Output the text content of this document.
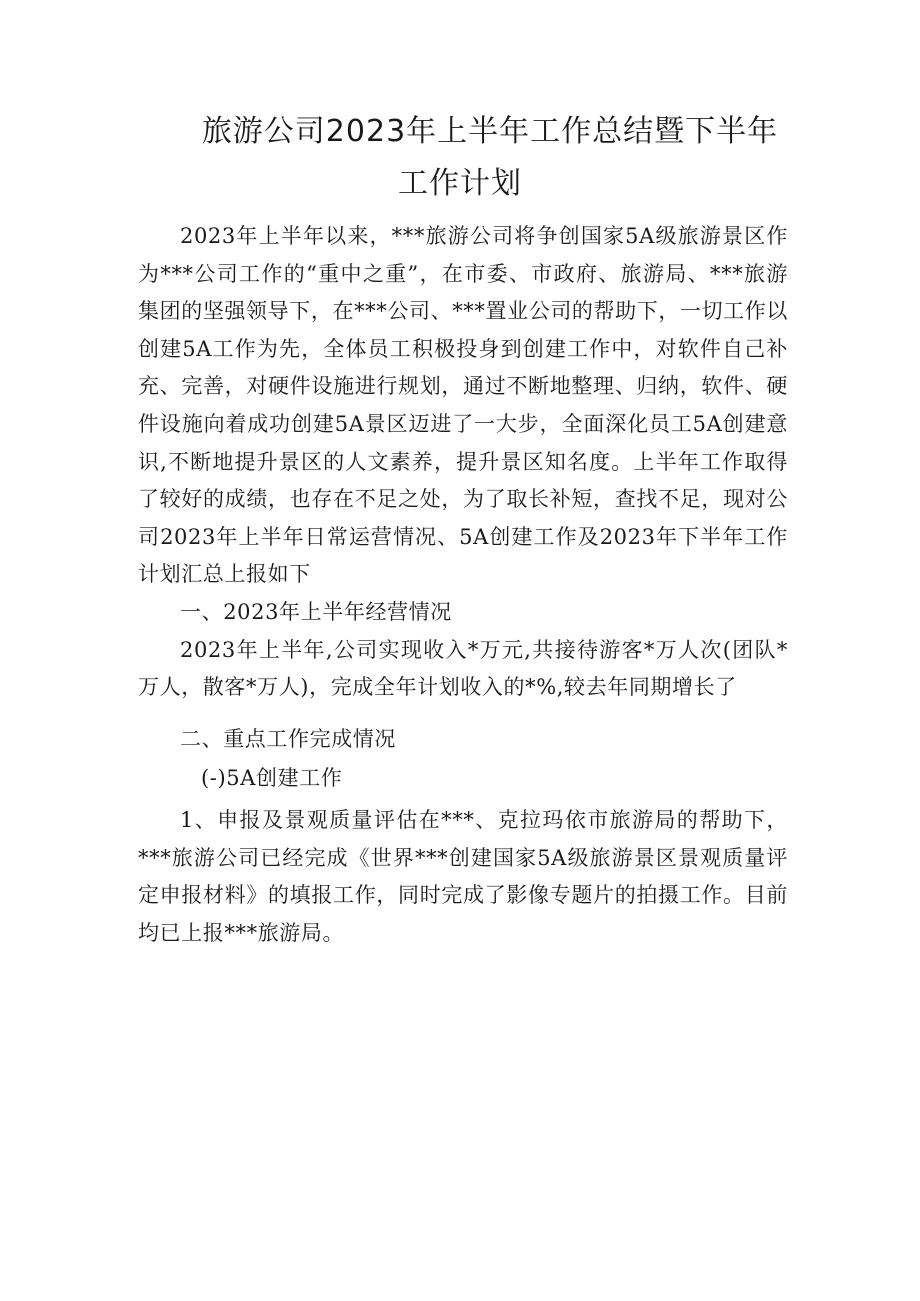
旅游公司2023年上半年工作总结暨下半年
工作计划

2023年上半年以来，***旅游公司将争创国家5A级旅游景区作为***公司工作的“重中之重”，在市委、市政府、旅游局、***旅游集团的坚强领导下，在***公司、***置业公司的帮助下，一切工作以创建5A工作为先，全体员工积极投身到创建工作中，对软件自己补充、完善，对硬件设施进行规划，通过不断地整理、归纳，软件、硬件设施向着成功创建5A景区迈进了一大步，全面深化员工5A创建意识,不断地提升景区的人文素养，提升景区知名度。上半年工作取得了较好的成绩，也存在不足之处，为了取长补短，查找不足，现对公司2023年上半年日常运营情况、5A创建工作及2023年下半年工作计划汇总上报如下

一、2023年上半年经营情况

2023年上半年,公司实现收入*万元,共接待游客*万人次(团队*万人，散客*万人)，完成全年计划收入的*%,较去年同期增长了

二、重点工作完成情况

(-)5A创建工作

1、申报及景观质量评估在***、克拉玛依市旅游局的帮助下，***旅游公司已经完成《世界***创建国家5A级旅游景区景观质量评定申报材料》的填报工作，同时完成了影像专题片的拍摄工作。目前均已上报***旅游局。
